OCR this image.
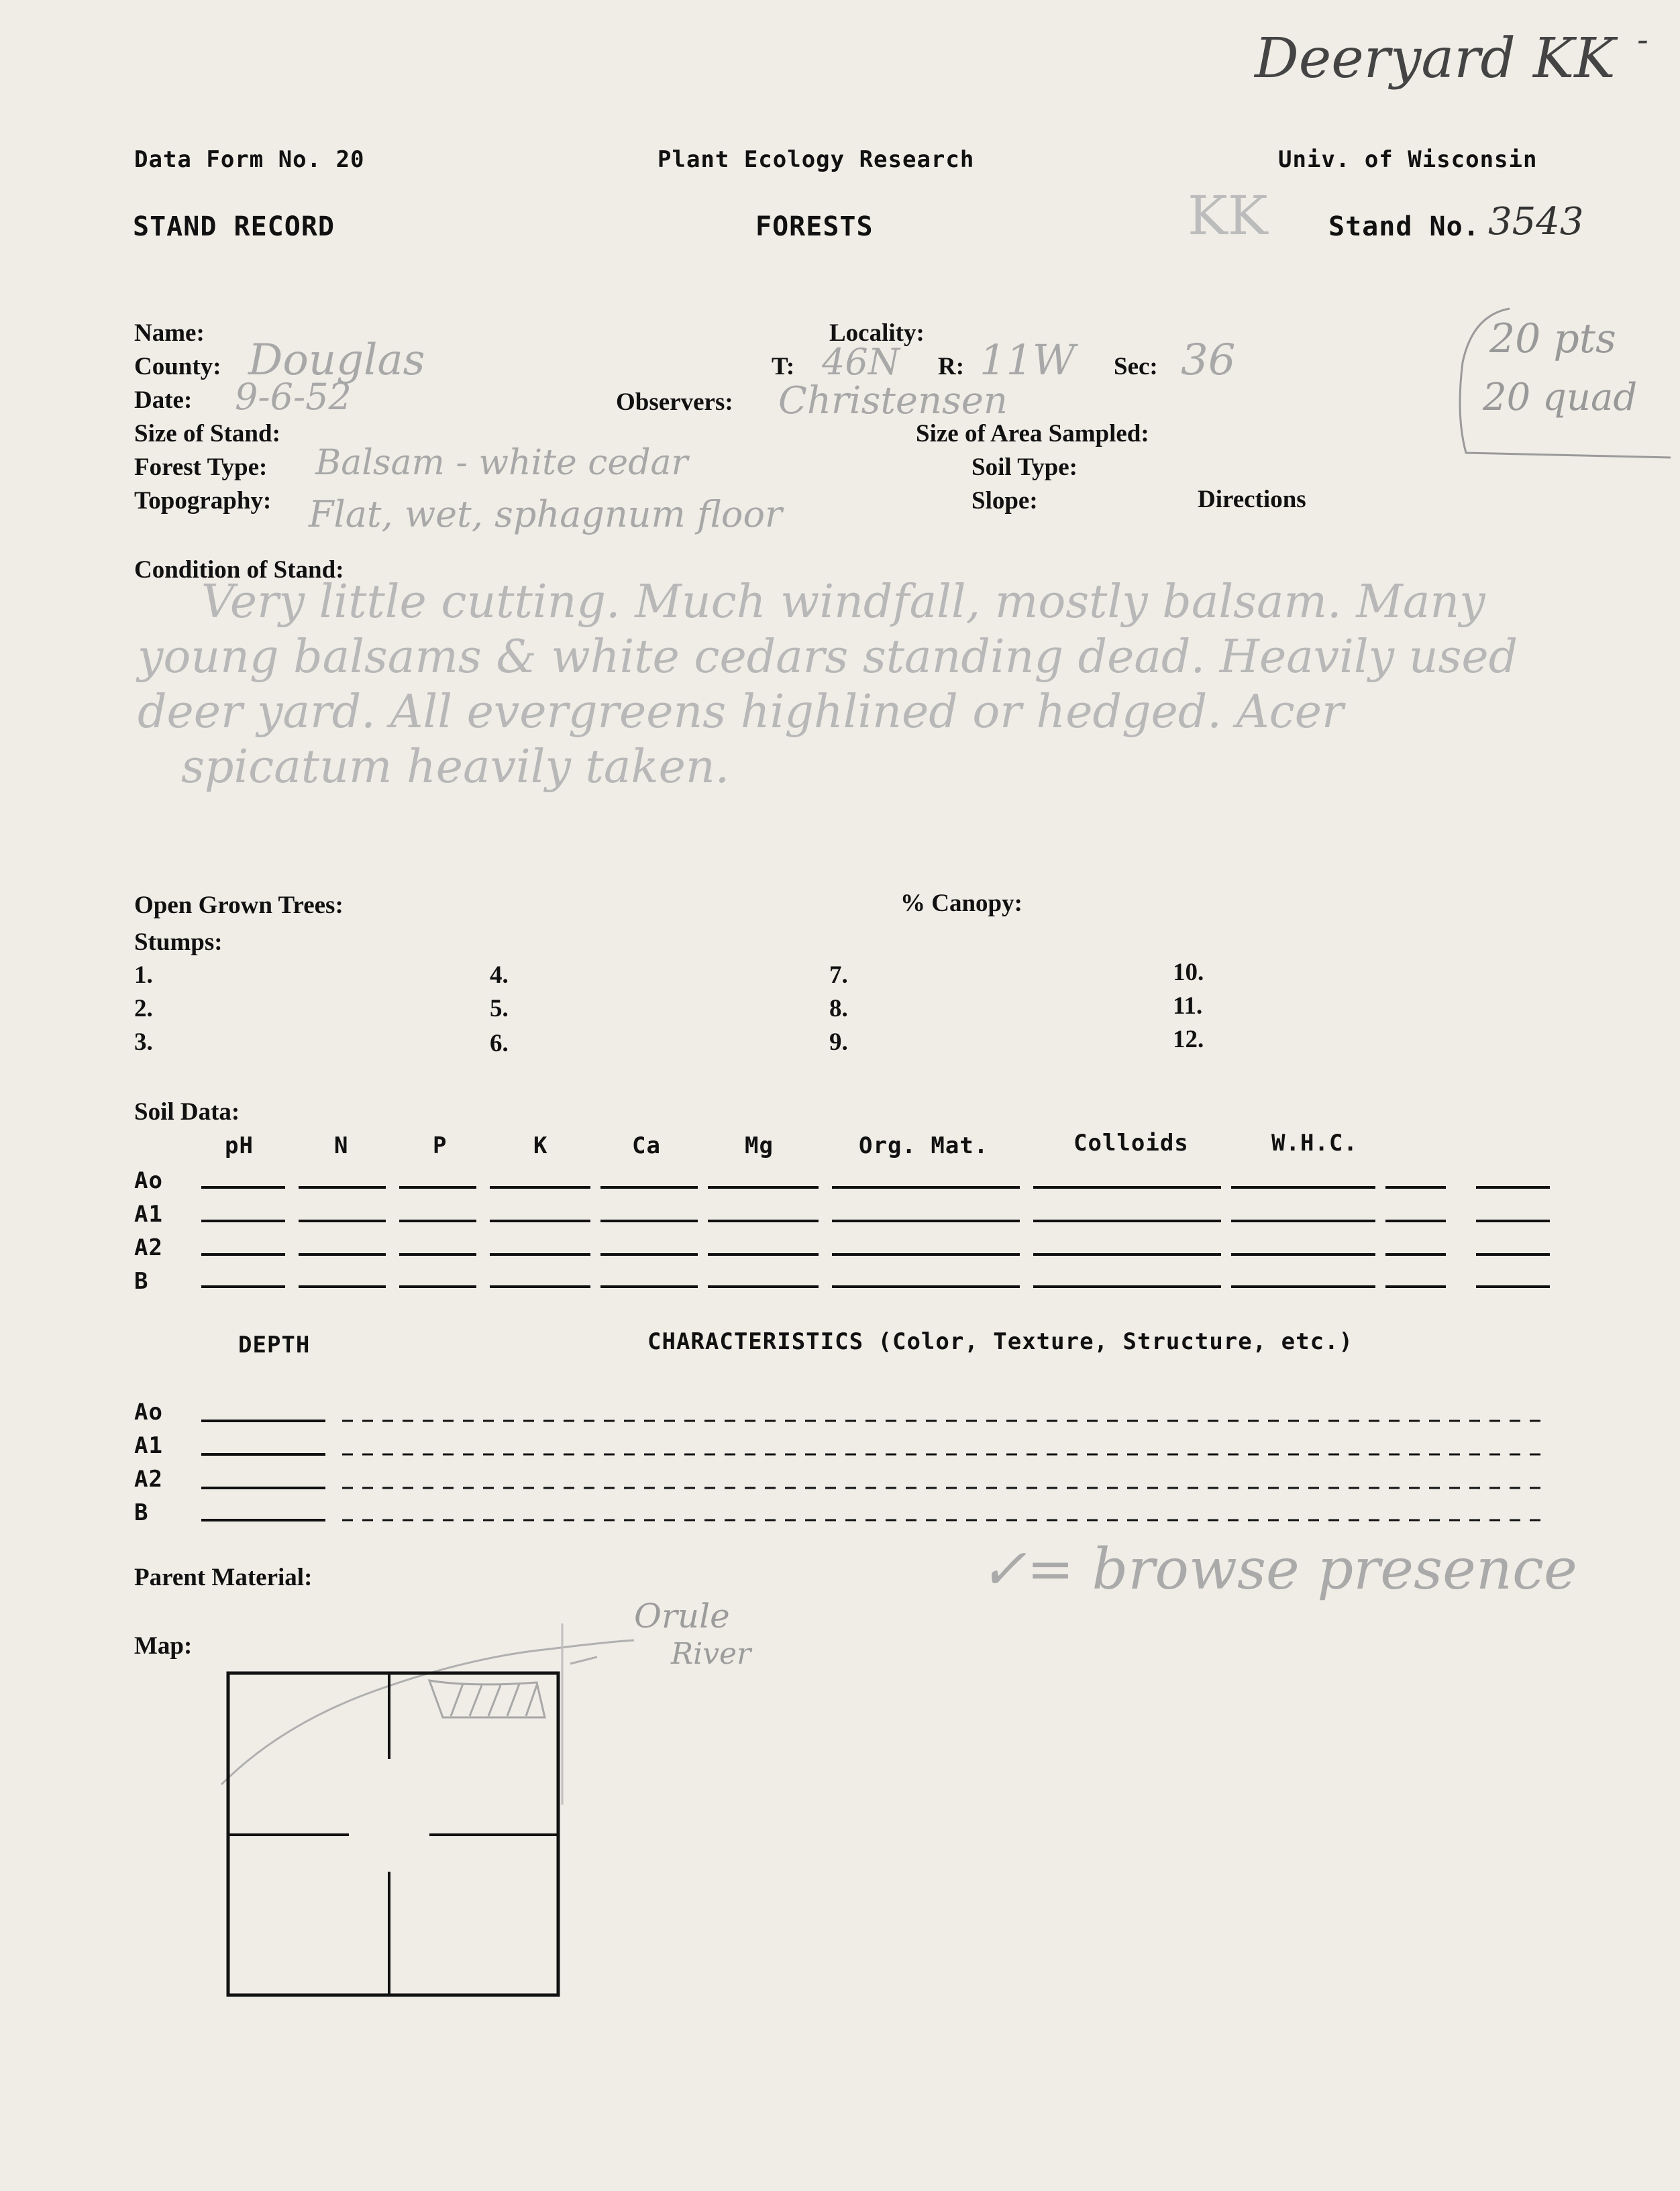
Deeryard KK -
Data Form No. 20	Plant Ecology Research	Univ. of Wisconsin
STAND RECORD	FORESTS	KK Stand No. 3543
Name:	Locality:
County: Douglas	T: 46N R: 11W Sec: 36
Date: 9-6-52	Observers: Christensen
Size of Stand:	Size of Area Sampled:
Forest Type: Balsam - white cedar	Soil Type:
Topography: Flat, wet, sphagnum floor	Slope:	Directions
20 pts
20 quad
Condition of Stand:
Very little cutting. Much windfall, mostly balsam. Many
young balsams & white cedars standing dead. Heavily used
deer yard. All evergreens highlined or hedged. Acer
spicatum heavily taken.
Open Grown Trees:	% Canopy:
Stumps:
1.	4.	7.	10.
2.	5.	8.	11.
3.	6.	9.	12.
Soil Data:
pH	N	P	K	Ca	Mg	Org. Mat.	Colloids	W.H.C.
Ao
A1
A2
B
DEPTH	CHARACTERISTICS (Color, Texture, Structure, etc.)
Ao
A1
A2
B
Parent Material:	✓= browse presence
Map:
Orule
River
